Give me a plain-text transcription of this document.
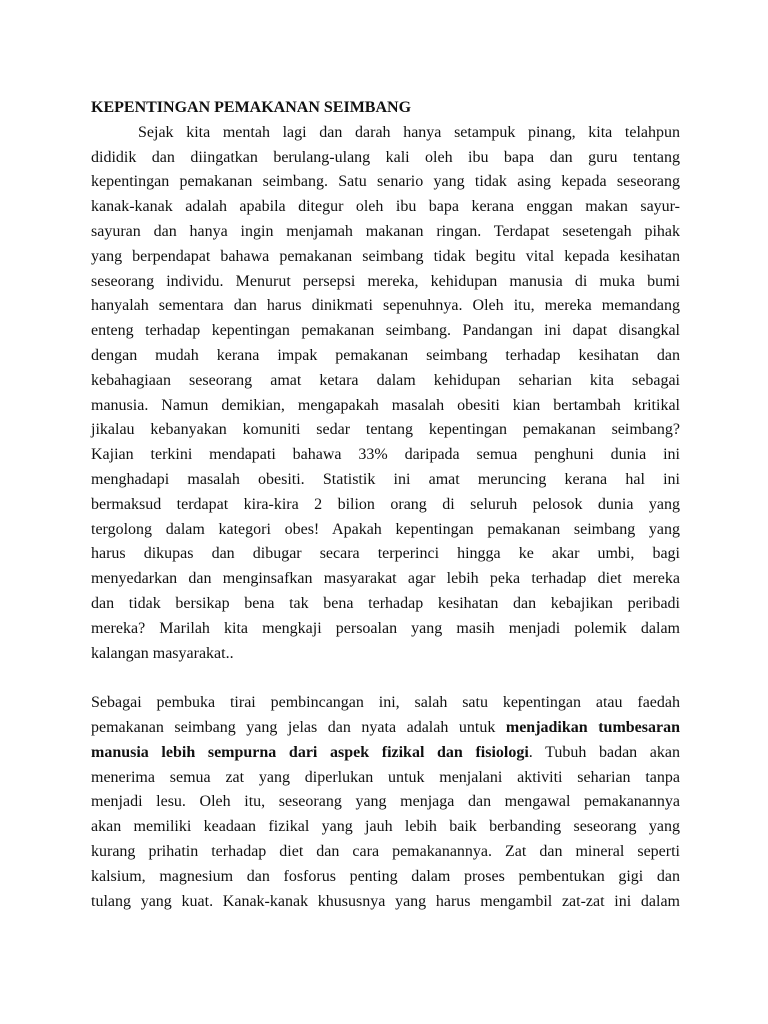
KEPENTINGAN PEMAKANAN SEIMBANG
Sejak kita mentah lagi dan darah hanya setampuk pinang, kita telahpun
dididik dan diingatkan berulang-ulang kali oleh ibu bapa dan guru tentang
kepentingan pemakanan seimbang. Satu senario yang tidak asing kepada seseorang
kanak-kanak adalah apabila ditegur oleh ibu bapa kerana enggan makan sayur-
sayuran dan hanya ingin menjamah makanan ringan. Terdapat sesetengah pihak
yang berpendapat bahawa pemakanan seimbang tidak begitu vital kepada kesihatan
seseorang individu. Menurut persepsi mereka, kehidupan manusia di muka bumi
hanyalah sementara dan harus dinikmati sepenuhnya. Oleh itu, mereka memandang
enteng terhadap kepentingan pemakanan seimbang. Pandangan ini dapat disangkal
dengan mudah kerana impak pemakanan seimbang terhadap kesihatan dan
kebahagiaan seseorang amat ketara dalam kehidupan seharian kita sebagai
manusia. Namun demikian, mengapakah masalah obesiti kian bertambah kritikal
jikalau kebanyakan komuniti sedar tentang kepentingan pemakanan seimbang?
Kajian terkini mendapati bahawa 33% daripada semua penghuni dunia ini
menghadapi masalah obesiti. Statistik ini amat meruncing kerana hal ini
bermaksud terdapat kira-kira 2 bilion orang di seluruh pelosok dunia yang
tergolong dalam kategori obes! Apakah kepentingan pemakanan seimbang yang
harus dikupas dan dibugar secara terperinci hingga ke akar umbi, bagi
menyedarkan dan menginsafkan masyarakat agar lebih peka terhadap diet mereka
dan tidak bersikap bena tak bena terhadap kesihatan dan kebajikan peribadi
mereka? Marilah kita mengkaji persoalan yang masih menjadi polemik dalam
kalangan masyarakat..
Sebagai pembuka tirai pembincangan ini, salah satu kepentingan atau faedah
pemakanan seimbang yang jelas dan nyata adalah untuk menjadikan tumbesaran
manusia lebih sempurna dari aspek fizikal dan fisiologi. Tubuh badan akan
menerima semua zat yang diperlukan untuk menjalani aktiviti seharian tanpa
menjadi lesu. Oleh itu, seseorang yang menjaga dan mengawal pemakanannya
akan memiliki keadaan fizikal yang jauh lebih baik berbanding seseorang yang
kurang prihatin terhadap diet dan cara pemakanannya. Zat dan mineral seperti
kalsium, magnesium dan fosforus penting dalam proses pembentukan gigi dan
tulang yang kuat. Kanak-kanak khususnya yang harus mengambil zat-zat ini dalam
